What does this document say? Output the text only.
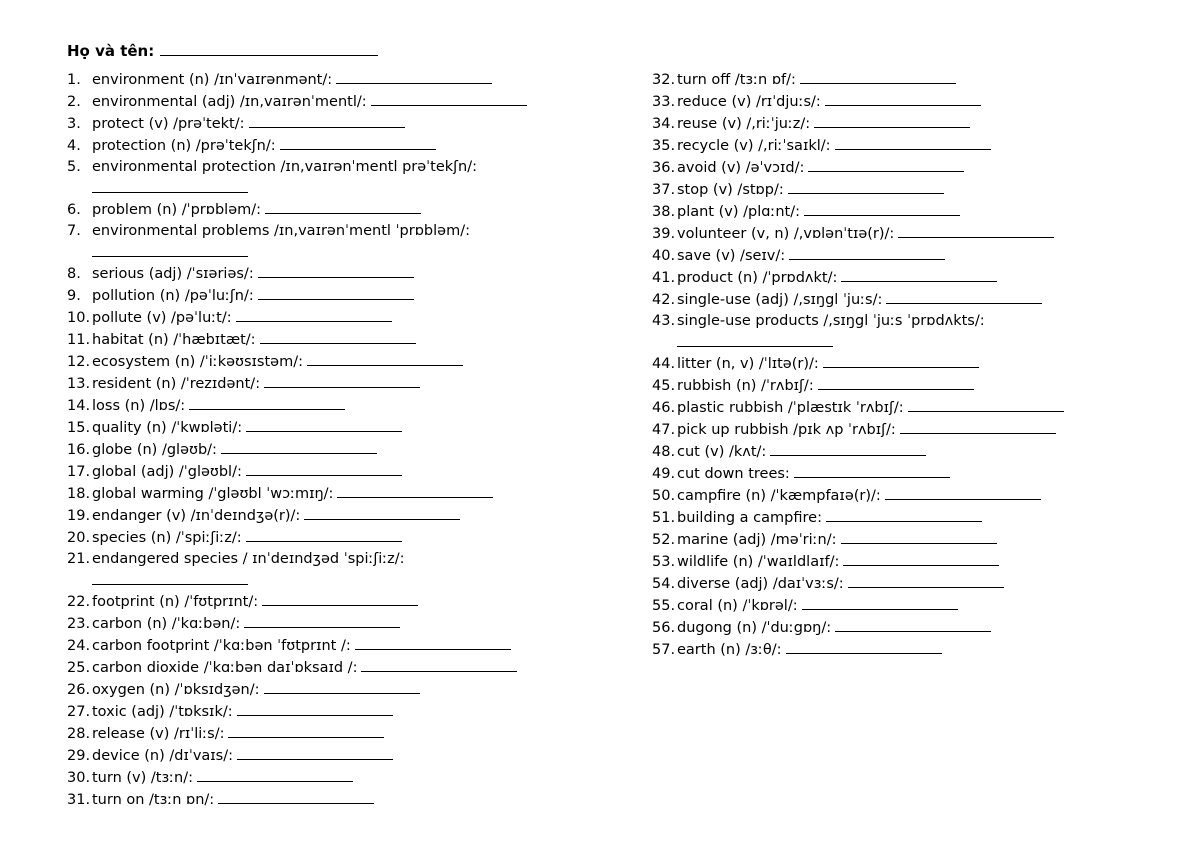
Họ và tên:
1. environment (n) /ɪnˈvaɪrənmənt/:
2. environmental (adj) /ɪn,vaɪrənˈmentl/:
3. protect (v) /prəˈtekt/:
4. protection (n) /prəˈtekʃn/:
5. environmental protection /ɪn,vaɪrənˈmentl prəˈtekʃn/:
6. problem (n) /ˈprɒbləm/:
7. environmental problems /ɪn,vaɪrənˈmentl ˈprɒbləm/:
8. serious (adj) /ˈsɪəriəs/:
9. pollution (n) /pəˈluːʃn/:
10. pollute (v) /pəˈluːt/:
11. habitat (n) /ˈhæbɪtæt/:
12. ecosystem (n) /ˈiːkəʊsɪstəm/:
13. resident (n) /ˈrezɪdənt/:
14. loss (n) /lɒs/:
15. quality (n) /ˈkwɒləti/:
16. globe (n) /gləʊb/:
17. global (adj) /ˈgləʊbl/:
18. global warming /ˈgləʊbl ˈwɔːmɪŋ/:
19. endanger (v) /ɪnˈdeɪndʒə(r)/:
20. species (n) /ˈspiːʃiːz/:
21. endangered species / ɪnˈdeɪndʒəd ˈspiːʃiːz/:
22. footprint (n) /ˈfʊtprɪnt/:
23. carbon (n) /ˈkɑːbən/:
24. carbon footprint /ˈkɑːbən ˈfʊtprɪnt /:
25. carbon dioxide /ˈkɑːbən daɪˈɒksaɪd /:
26. oxygen (n) /ˈɒksɪdʒən/:
27. toxic (adj) /ˈtɒksɪk/:
28. release (v) /rɪˈliːs/:
29. device (n) /dɪˈvaɪs/:
30. turn (v) /tɜːn/:
31. turn on /tɜːn ɒn/:
32. turn off /tɜːn ɒf/:
33. reduce (v) /rɪˈdjuːs/:
34. reuse (v) /,riːˈjuːz/:
35. recycle (v) /,riːˈsaɪkl/:
36. avoid (v) /əˈvɔɪd/:
37. stop (v) /stɒp/:
38. plant (v) /plɑːnt/:
39. volunteer (v, n) /,vɒlənˈtɪə(r)/:
40. save (v) /seɪv/:
41. product (n) /ˈprɒdʌkt/:
42. single-use (adj) /,sɪŋgl ˈjuːs/:
43. single-use products /,sɪŋgl ˈjuːs ˈprɒdʌkts/:
44. litter (n, v) /ˈlɪtə(r)/:
45. rubbish (n) /ˈrʌbɪʃ/:
46. plastic rubbish /ˈplæstɪk ˈrʌbɪʃ/:
47. pick up rubbish /pɪk ʌp ˈrʌbɪʃ/:
48. cut (v) /kʌt/:
49. cut down trees:
50. campfire (n) /ˈkæmpfaɪə(r)/:
51. building a campfire:
52. marine (adj) /məˈriːn/:
53. wildlife (n) /ˈwaɪldlaɪf/:
54. diverse (adj) /daɪˈvɜːs/:
55. coral (n) /ˈkɒrəl/:
56. dugong (n) /ˈduːgɒŋ/:
57. earth (n) /ɜːθ/:
